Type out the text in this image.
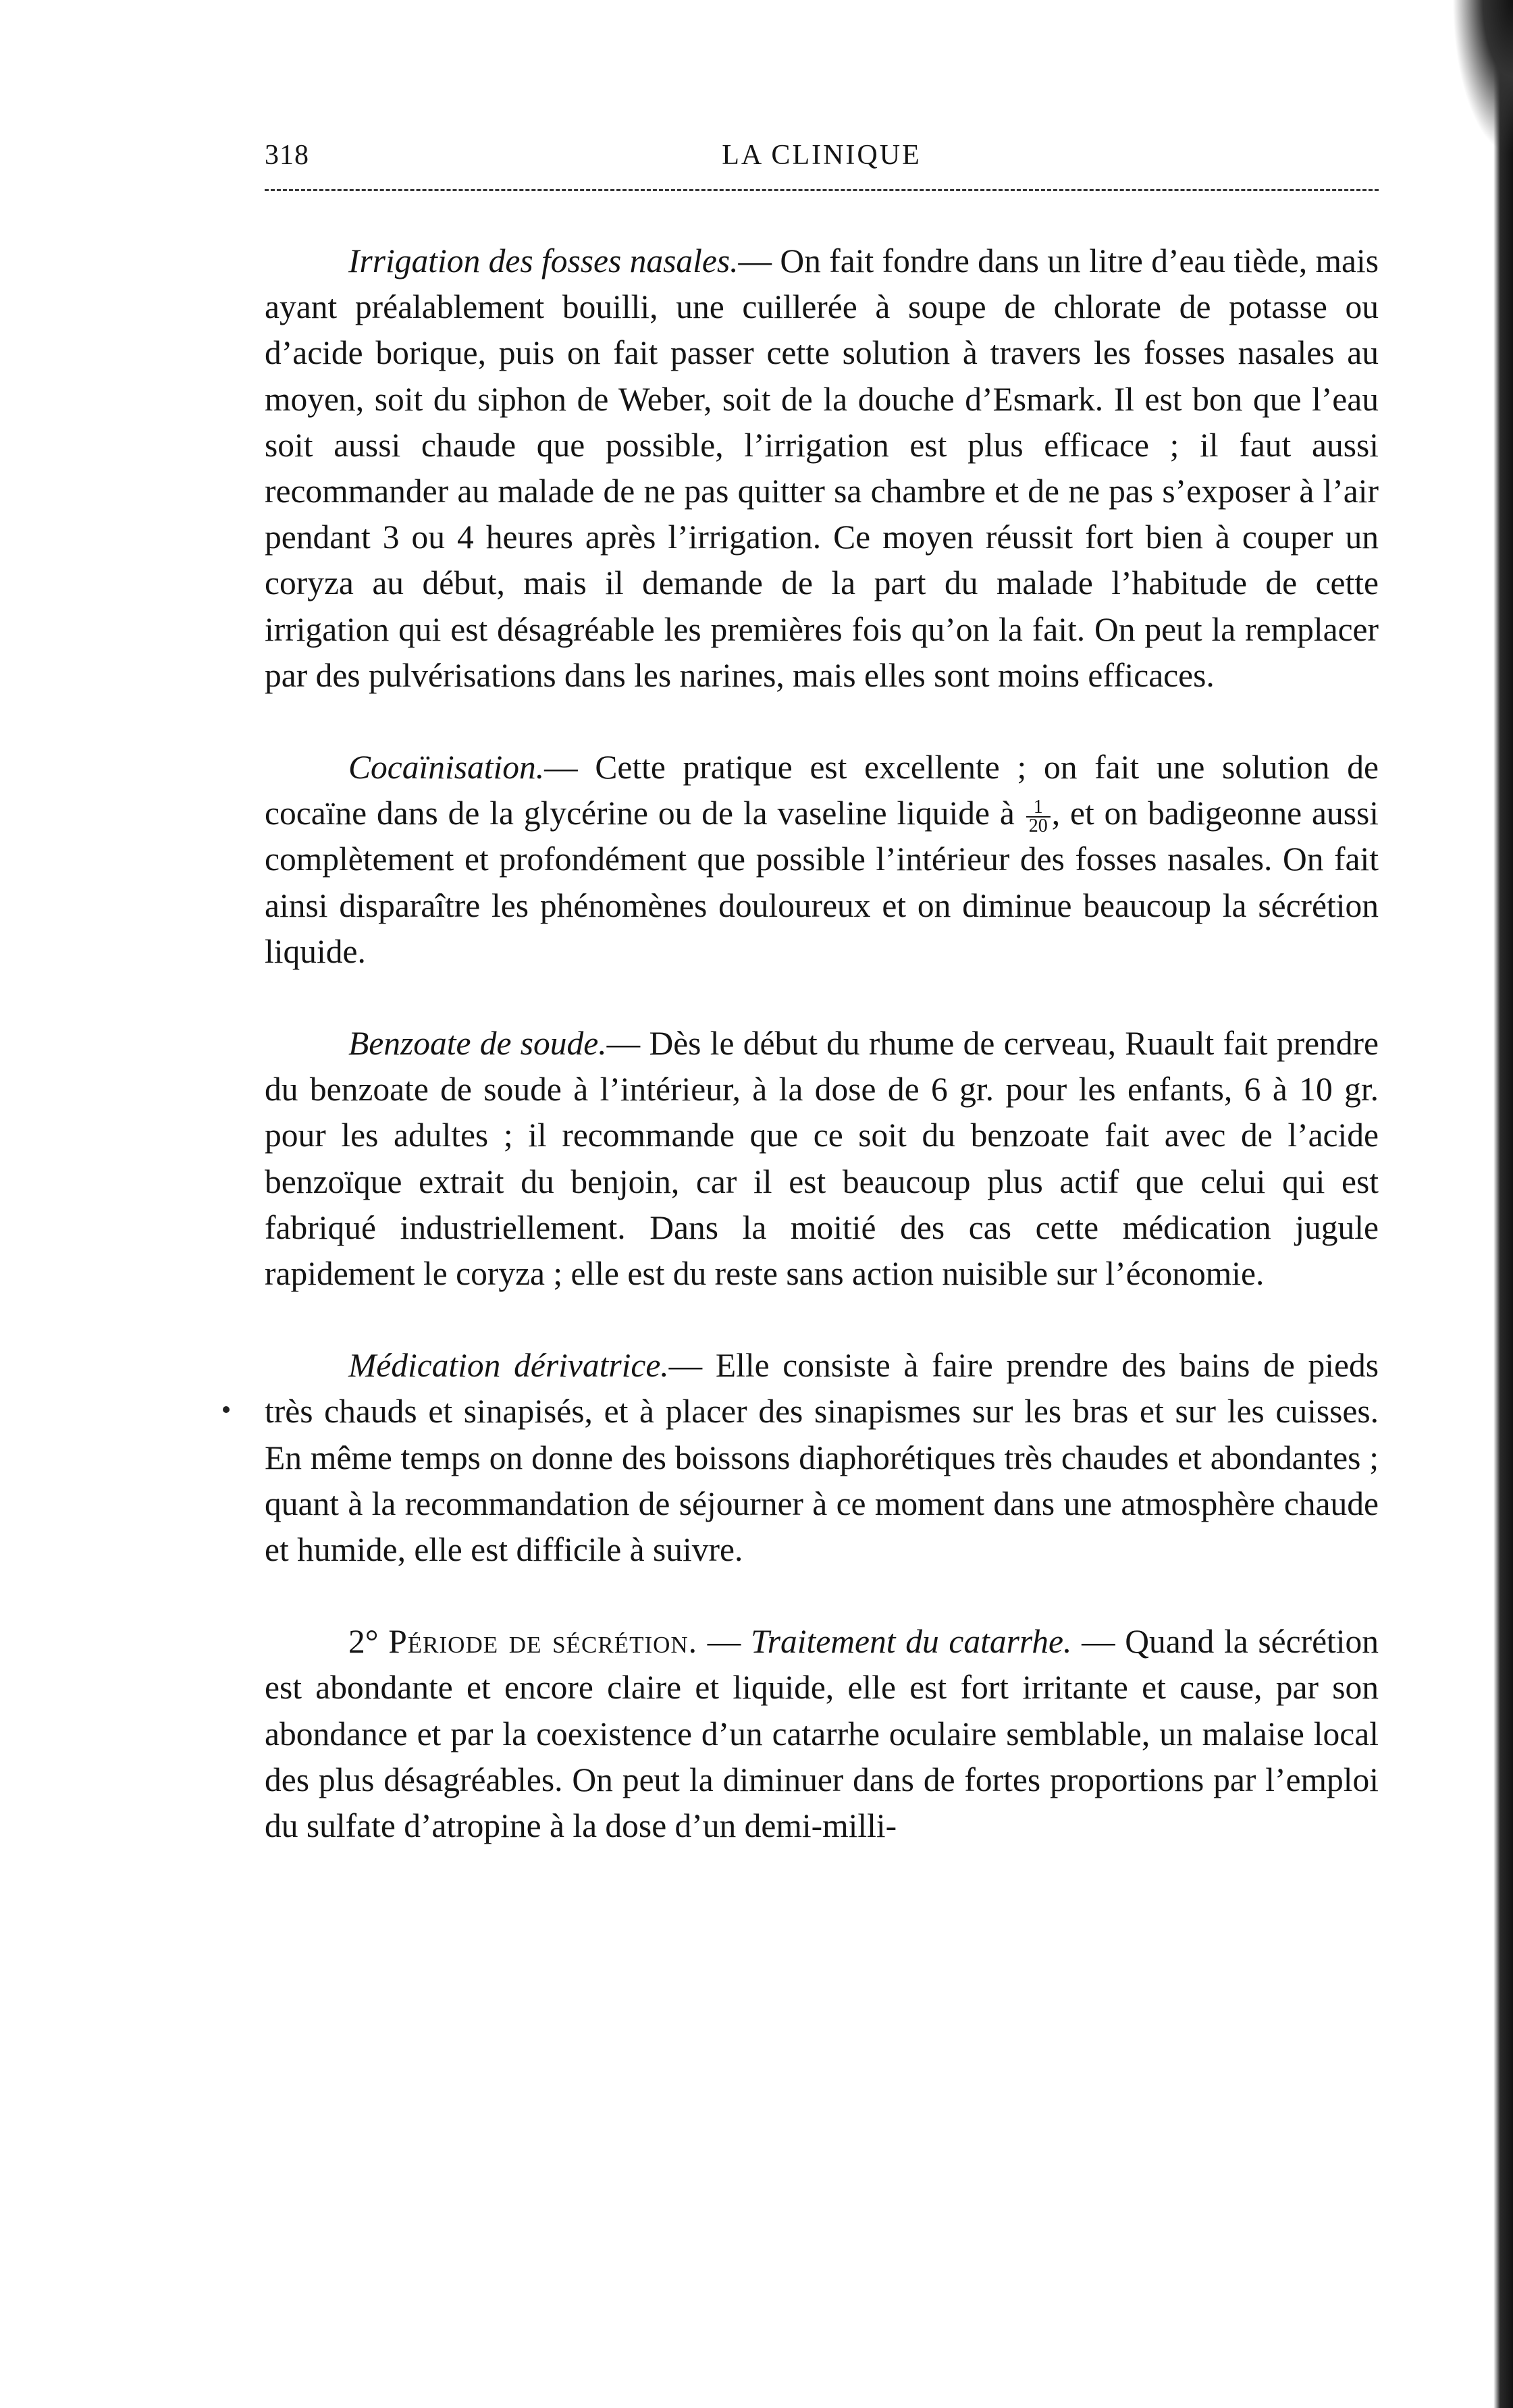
318	LA CLINIQUE

Irrigation des fosses nasales.— On fait fondre dans un litre d’eau tiède, mais ayant préalablement bouilli, une cuillerée à soupe de chlorate de potasse ou d’acide borique, puis on fait passer cette solution à travers les fosses nasales au moyen, soit du siphon de Weber, soit de la douche d’Esmark. Il est bon que l’eau soit aussi chaude que possible, l’irrigation est plus efficace ; il faut aussi recommander au malade de ne pas quitter sa chambre et de ne pas s’exposer à l’air pendant 3 ou 4 heures après l’irrigation. Ce moyen réussit fort bien à couper un coryza au début, mais il demande de la part du malade l’habitude de cette irrigation qui est désagréable les premières fois qu’on la fait. On peut la remplacer par des pulvérisations dans les narines, mais elles sont moins efficaces.

Cocaïnisation.— Cette pratique est excellente ; on fait une solution de cocaïne dans de la glycérine ou de la vaseline liquide à $\frac{1}{20}$ , et on badigeonne aussi complètement et profondément que possible l’intérieur des fosses nasales. On fait ainsi disparaître les phénomènes douloureux et on diminue beaucoup la sécrétion liquide.

Benzoate de soude.— Dès le début du rhume de cerveau, Ruault fait prendre du benzoate de soude à l’intérieur, à la dose de 6 gr. pour les enfants, 6 à 10 gr. pour les adultes ; il recommande que ce soit du benzoate fait avec de l’acide benzoïque extrait du benjoin, car il est beaucoup plus actif que celui qui est fabriqué industriellement. Dans la moitié des cas cette médication jugule rapidement le coryza ; elle est du reste sans action nuisible sur l’économie.

Médication dérivatrice.— Elle consiste à faire prendre des bains de pieds très chauds et sinapisés, et à placer des sinapismes sur les bras et sur les cuisses. En même temps on donne des boissons diaphorétiques très chaudes et abondantes ; quant à la recommandation de séjourner à ce moment dans une atmosphère chaude et humide, elle est difficile à suivre.

2° Période de sécrétion. — Traitement du catarrhe. — Quand la sécrétion est abondante et encore claire et liquide, elle est fort irritante et cause, par son abondance et par la coexistence d’un catarrhe oculaire semblable, un malaise local des plus désagréables. On peut la diminuer dans de fortes proportions par l’emploi du sulfate d’atropine à la dose d’un demi-milli-
